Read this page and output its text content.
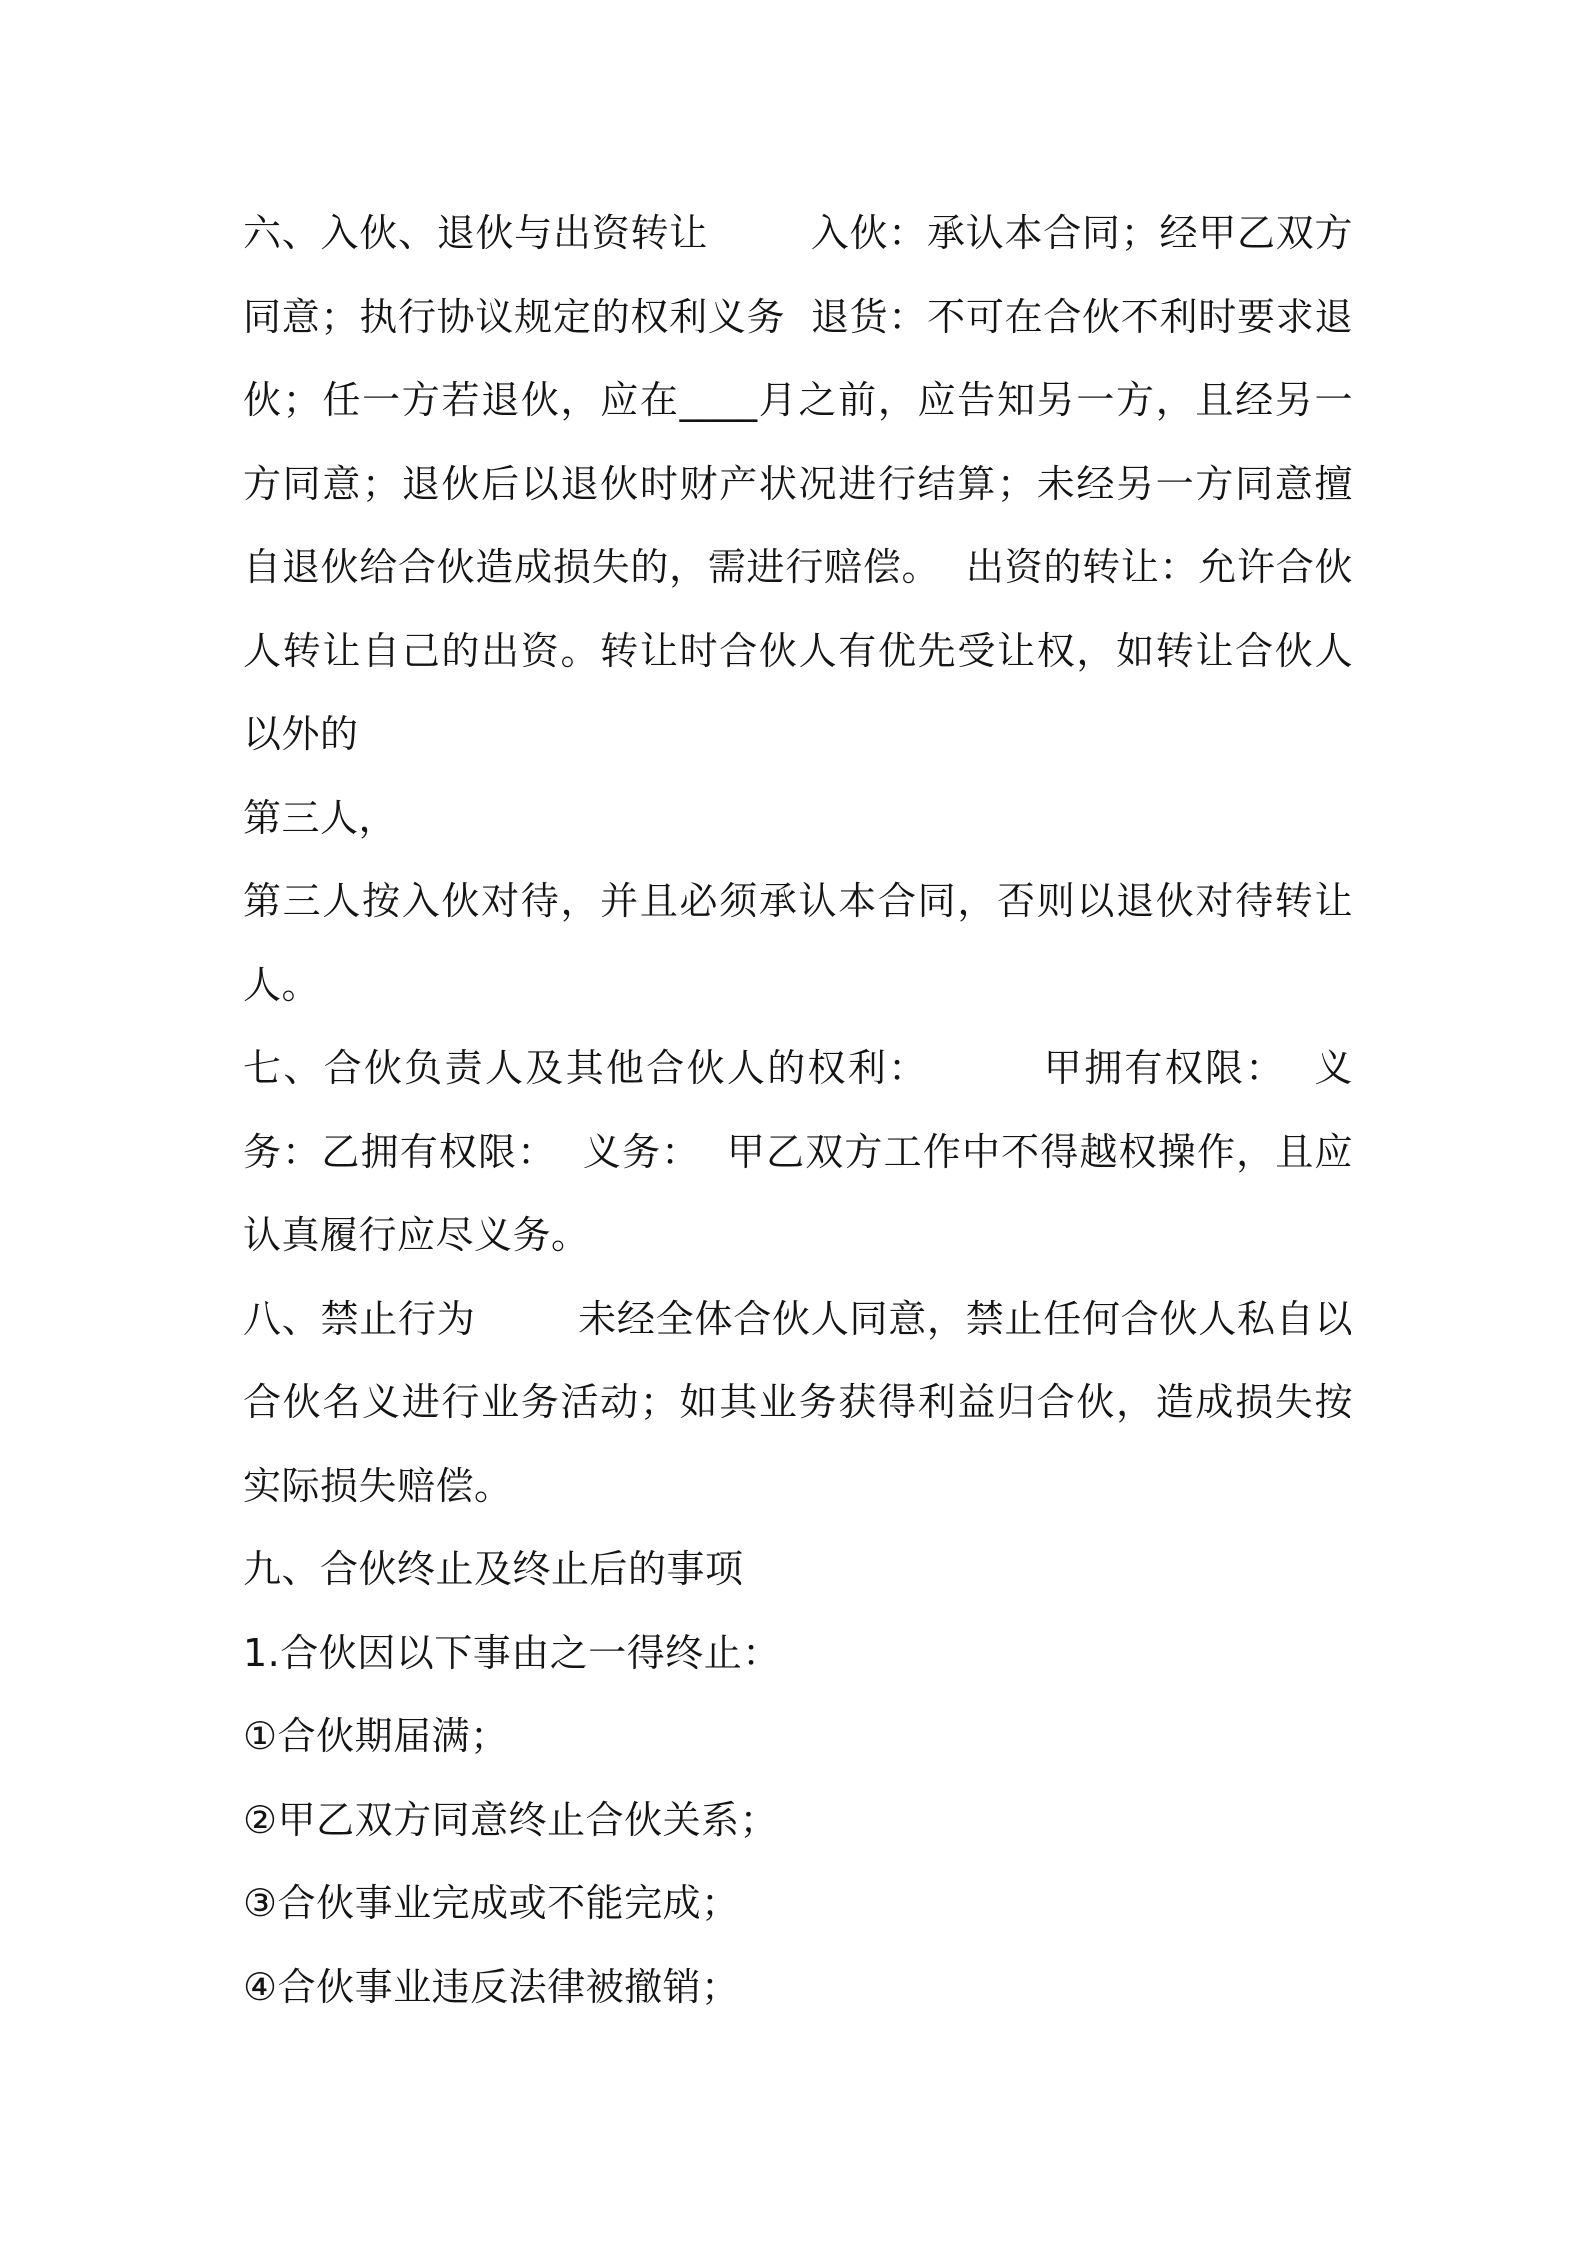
六、入伙、退伙与出资转让        入伙：承认本合同；经甲乙双方同意；执行协议规定的权利义务  退货：不可在合伙不利时要求退伙；任一方若退伙，应在____月之前，应告知另一方，且经另一方同意；退伙后以退伙时财产状况进行结算；未经另一方同意擅自退伙给合伙造成损失的，需进行赔偿。  出资的转让：允许合伙人转让自己的出资。转让时合伙人有优先受让权，如转让合伙人以外的

第三人，

第三人按入伙对待，并且必须承认本合同，否则以退伙对待转让人。

七、合伙负责人及其他合伙人的权利：        甲拥有权限：  义务：乙拥有权限：  义务：  甲乙双方工作中不得越权操作，且应认真履行应尽义务。

八、禁止行为        未经全体合伙人同意，禁止任何合伙人私自以合伙名义进行业务活动；如其业务获得利益归合伙，造成损失按实际损失赔偿。

九、合伙终止及终止后的事项

1.合伙因以下事由之一得终止：

①合伙期届满；

②甲乙双方同意终止合伙关系；

③合伙事业完成或不能完成；

④合伙事业违反法律被撤销；
